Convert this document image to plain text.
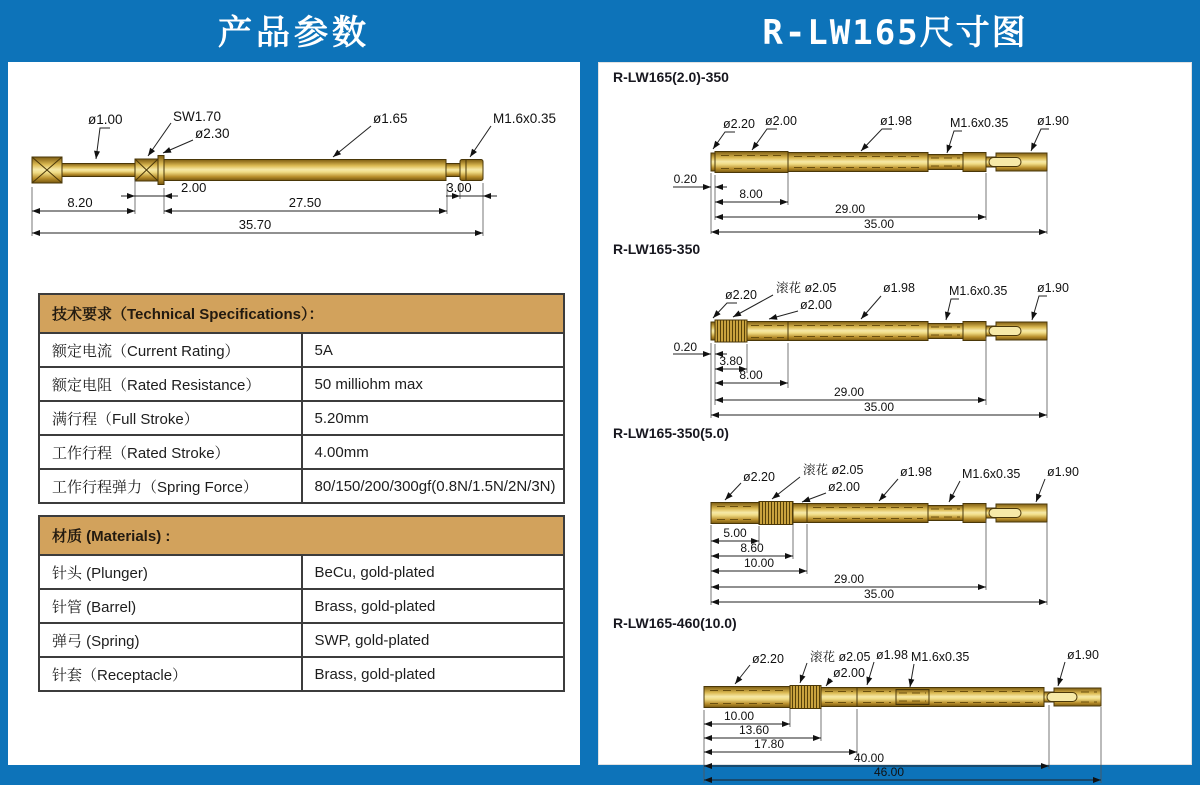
产品参数	R-LW165尺寸图
ø1.00	SW1.70
ø2.30
ø1.65	M1.6x0.35
2.00	3.00
8.20	27.50
35.70
技术要求（Technical Specifications）：	
额定电流（Current Rating）	5A
额定电阻（Rated Resistance）	50 milliohm max
满行程（Full Stroke）	5.20mm
工作行程（Rated Stroke）	4.00mm
工作行程弹力（Spring Force）	80/150/200/300gf(0.8N/1.5N/2N/3N)
材质 (Materials) :	
针头 (Plunger)	BeCu, gold-plated
针管 (Barrel)	Brass, gold-plated
弹弓 (Spring)	SWP, gold-plated
针套（Receptacle）	Brass, gold-plated
R-LW165(2.0)-350
ø2.20 ø2.00	ø1.98	M1.6x0.35 ø1.90
0.20
8.00
29.00
35.00
R-LW165-350
ø2.20 滚花 ø2.05
ø2.00
ø1.98	M1.6x0.35 ø1.90
0.20
3.80
8.00
29.00
35.00
R-LW165-350(5.0)
ø2.20 滚花 ø2.05
ø2.00
ø1.98 M1.6x0.35 ø1.90
5.00
8.60
10.00
29.00
35.00
R-LW165-460(10.0)
ø2.20 滚花 ø2.05
ø2.00
ø1.98 M1.6x0.35	ø1.90
10.00
13.60
17.80
40.00
46.00
